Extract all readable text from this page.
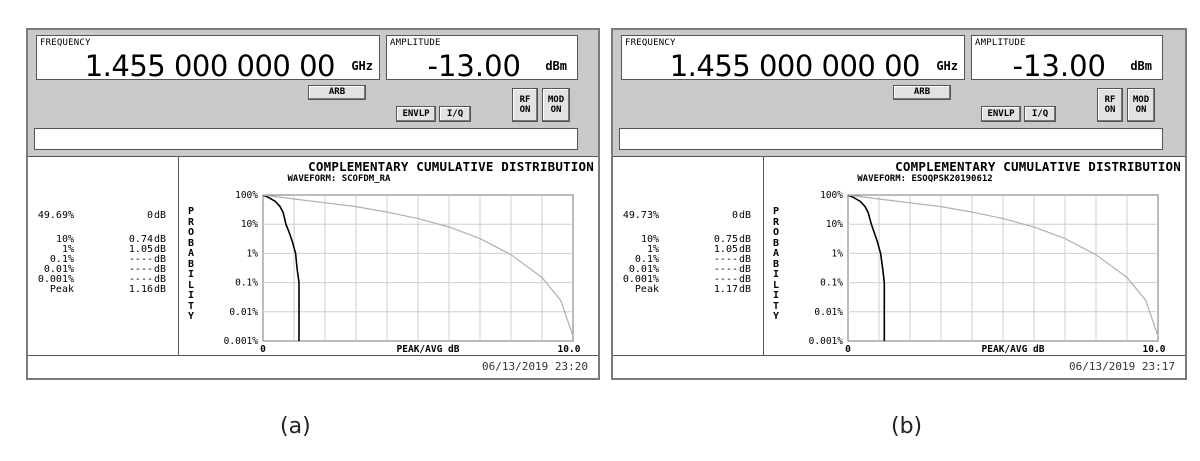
FREQUENCY
1.455 000 000 00 GHz
AMPLITUDE
-13.00 dBm
ARB
ENVLP	I/Q
RF
ON
MOD
ON
49.69%	0 dB
10%	0.74 dB
1%	1.05 dB
0.1%	---- dB
0.01%	---- dB
0.001%	---- dB
Peak	1.16 dB
100%
10%
1%
0.1%
0.01%
0.001%
0	10.0
PEAK/AVG dB
P
R
O
B
A
B
I
L
I
T
Y
COMPLEMENTARY CUMULATIVE DISTRIBUTION
WAVEFORM: SCOFDM_RA
06/13/2019 23:20
FREQUENCY
1.455 000 000 00 GHz
AMPLITUDE
-13.00 dBm
ARB
ENVLP	I/Q
RF
ON
MOD
ON
49.73%	0 dB
10%	0.75 dB
1%	1.05 dB
0.1%	---- dB
0.01%	---- dB
0.001%	---- dB
Peak	1.17 dB
100%
10%
1%
0.1%
0.01%
0.001%
0	10.0
PEAK/AVG dB
P
R
O
B
A
B
I
L
I
T
Y
COMPLEMENTARY CUMULATIVE DISTRIBUTION
WAVEFORM: ESOQPSK20190612
06/13/2019 23:17
(a)	(b)
